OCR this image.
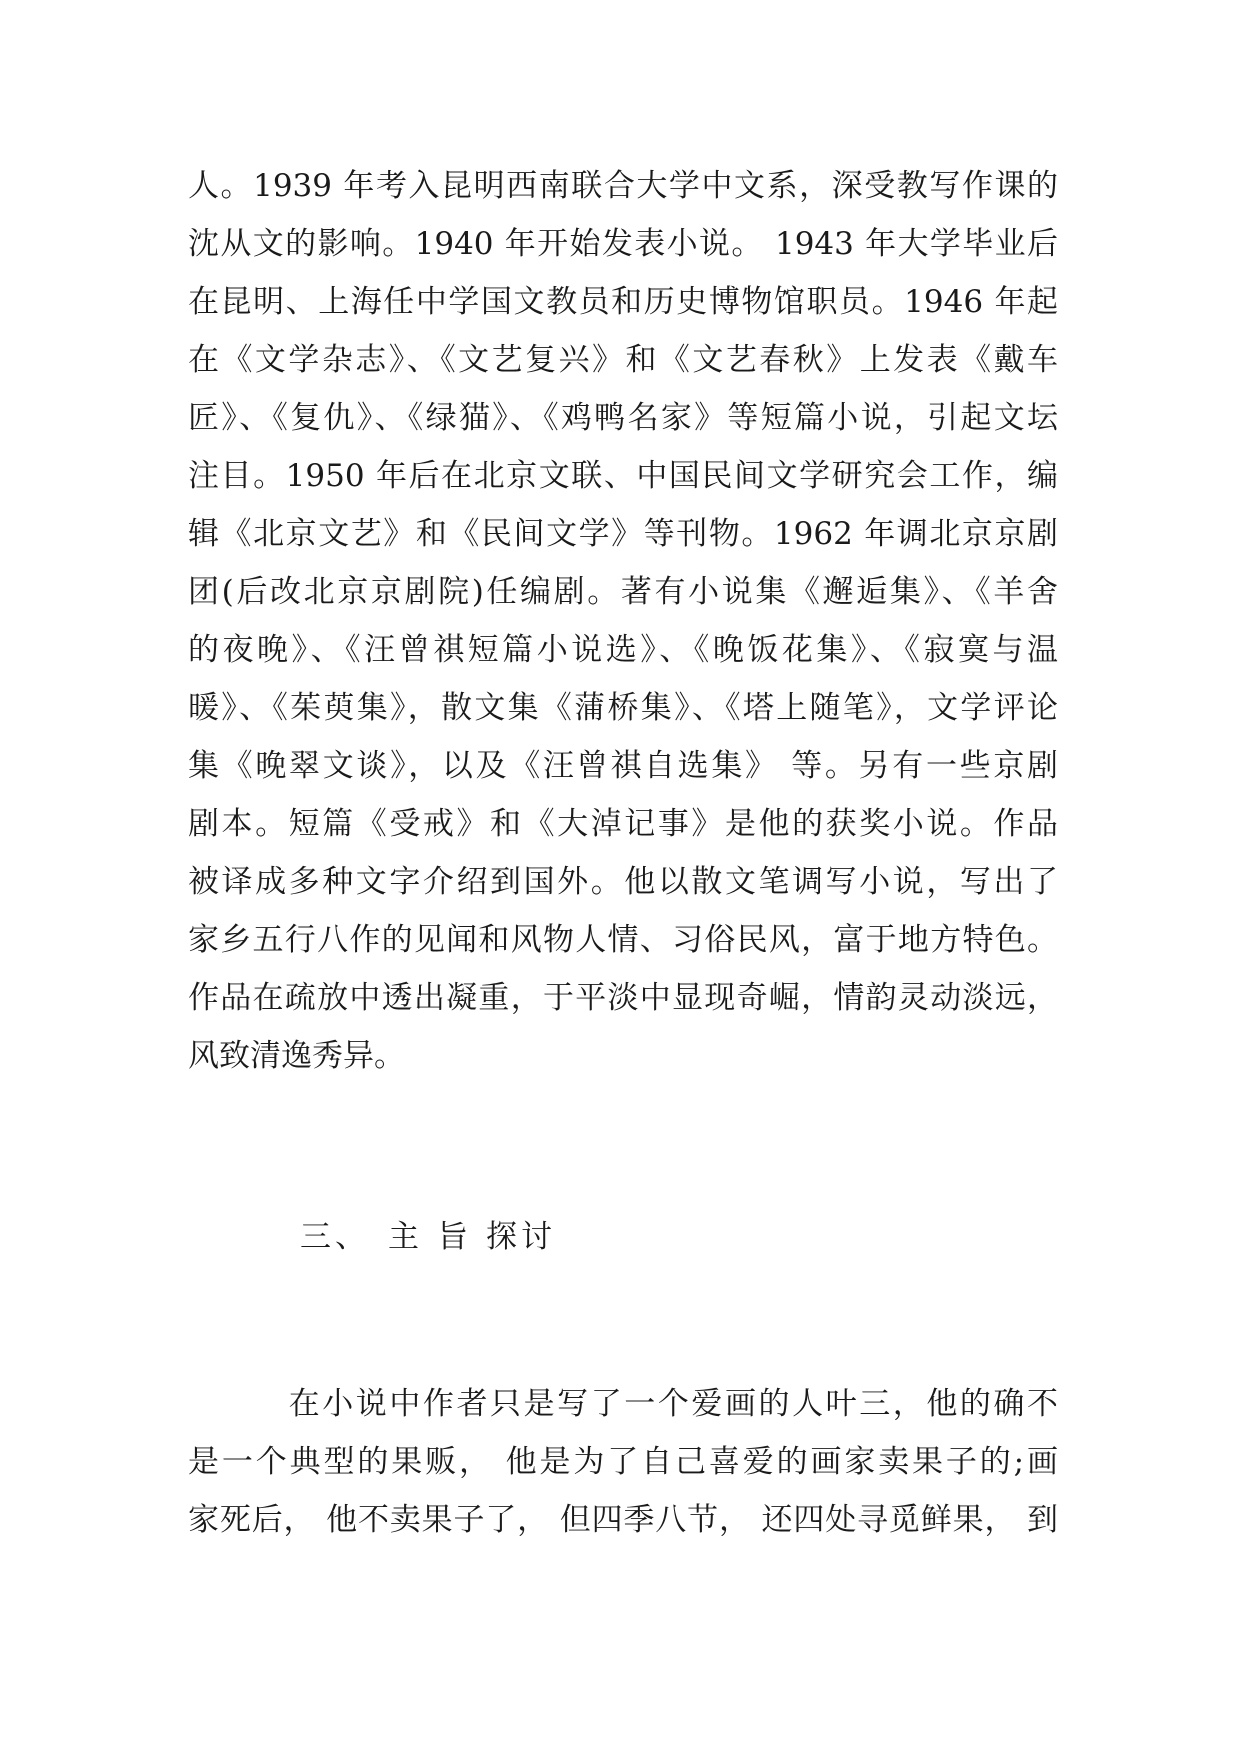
人。1939 年考入昆明西南联合大学中文系，深受教写作课的
沈从文的影响。1940 年开始发表小说。 1943 年大学毕业后
在昆明、上海任中学国文教员和历史博物馆职员。1946 年起
在《文学杂志》、《文艺复兴》和《文艺春秋》上发表《戴车
匠》、《复仇》、《绿猫》、《鸡鸭名家》等短篇小说，引起文坛
注目。1950 年后在北京文联、中国民间文学研究会工作，编
辑《北京文艺》和《民间文学》等刊物。1962 年调北京京剧
团(后改北京京剧院)任编剧。著有小说集《邂逅集》、《羊舍
的夜晚》、《汪曾祺短篇小说选》、《晚饭花集》、《寂寞与温
暖》、《茱萸集》，散文集《蒲桥集》、《塔上随笔》，文学评论
集《晚翠文谈》，以及《汪曾祺自选集》 等。另有一些京剧
剧本。短篇《受戒》和《大淖记事》是他的获奖小说。作品
被译成多种文字介绍到国外。他以散文笔调写小说，写出了
家乡五行八作的见闻和风物人情、习俗民风，富于地方特色。
作品在疏放中透出凝重，于平淡中显现奇崛，情韵灵动淡远，
风致清逸秀异。
三、 主 旨 探讨
　　　在小说中作者只是写了一个爱画的人叶三，他的确不
是一个典型的果贩， 他是为了自己喜爱的画家卖果子的;画
家死后， 他不卖果子了， 但四季八节， 还四处寻觅鲜果， 到
